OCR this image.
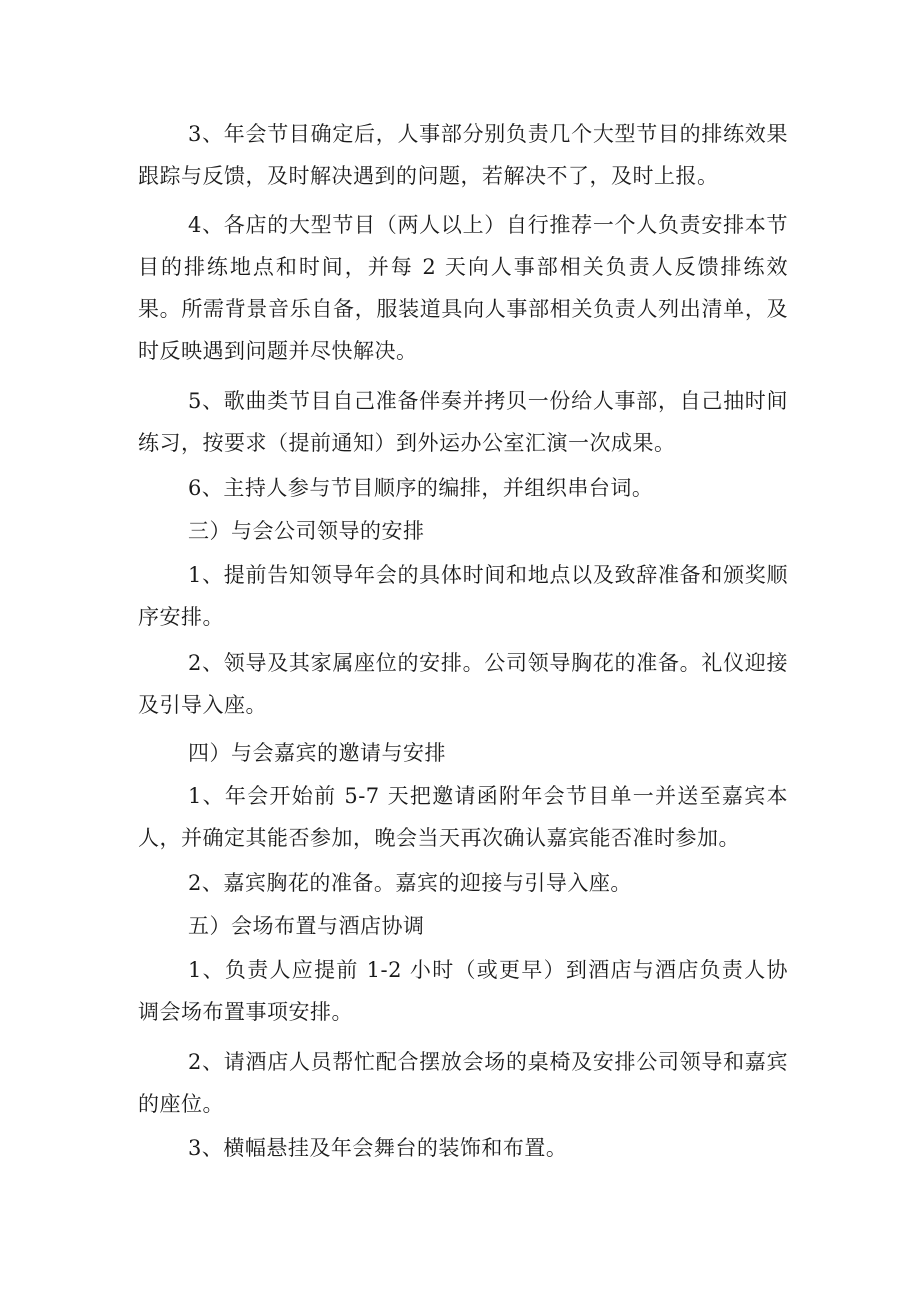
3、年会节目确定后，人事部分别负责几个大型节目的排练效果跟踪与反馈，及时解决遇到的问题，若解决不了，及时上报。

4、各店的大型节目（两人以上）自行推荐一个人负责安排本节目的排练地点和时间，并每 2 天向人事部相关负责人反馈排练效果。所需背景音乐自备，服装道具向人事部相关负责人列出清单，及时反映遇到问题并尽快解决。

5、歌曲类节目自己准备伴奏并拷贝一份给人事部，自己抽时间练习，按要求（提前通知）到外运办公室汇演一次成果。

6、主持人参与节目顺序的编排，并组织串台词。

三）与会公司领导的安排

1、提前告知领导年会的具体时间和地点以及致辞准备和颁奖顺序安排。

2、领导及其家属座位的安排。公司领导胸花的准备。礼仪迎接及引导入座。

四）与会嘉宾的邀请与安排

1、年会开始前 5-7 天把邀请函附年会节目单一并送至嘉宾本人，并确定其能否参加，晚会当天再次确认嘉宾能否准时参加。

2、嘉宾胸花的准备。嘉宾的迎接与引导入座。

五）会场布置与酒店协调

1、负责人应提前 1-2 小时（或更早）到酒店与酒店负责人协调会场布置事项安排。

2、请酒店人员帮忙配合摆放会场的桌椅及安排公司领导和嘉宾的座位。

3、横幅悬挂及年会舞台的装饰和布置。
